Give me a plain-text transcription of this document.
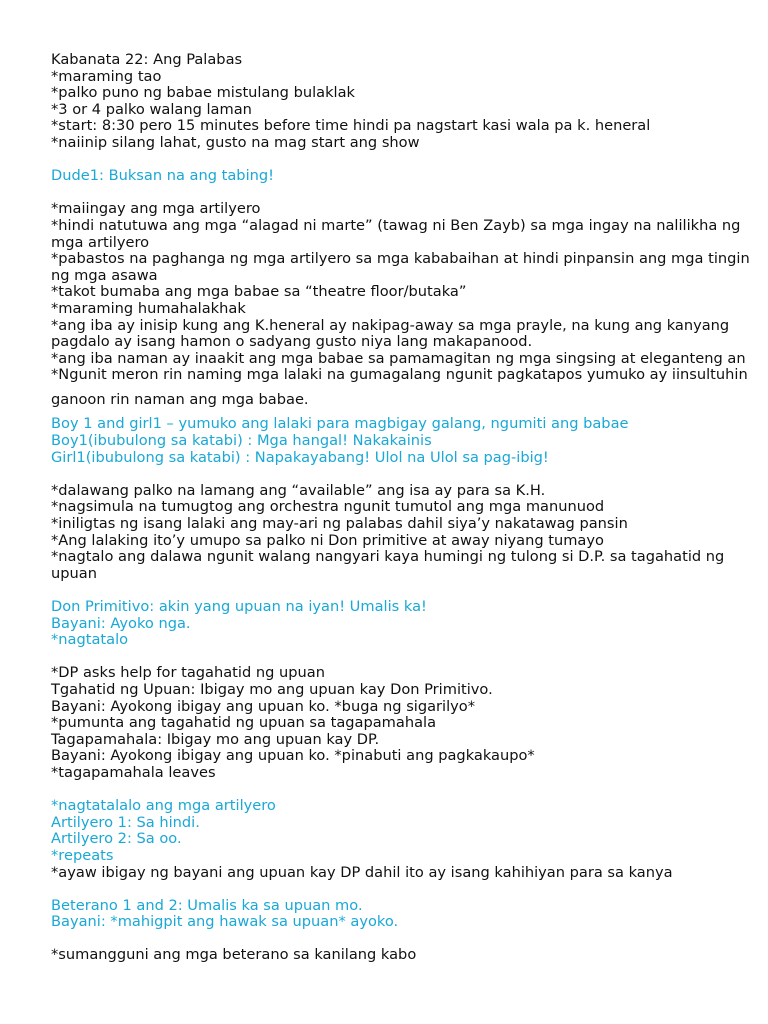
Kabanata 22: Ang Palabas
*maraming tao
*palko puno ng babae mistulang bulaklak
*3 or 4 palko walang laman
*start: 8:30 pero 15 minutes before time hindi pa nagstart kasi wala pa k. heneral
*naiinip silang lahat, gusto na mag start ang show
Dude1: Buksan na ang tabing!
*maiingay ang mga artilyero
*hindi natutuwa ang mga “alagad ni marte” (tawag ni Ben Zayb) sa mga ingay na nalilikha ng
mga artilyero
*pabastos na paghanga ng mga artilyero sa mga kababaihan at hindi pinpansin ang mga tingin
ng mga asawa
*takot bumaba ang mga babae sa “theatre floor/butaka”
*maraming humahalakhak
*ang iba ay inisip kung ang K.heneral ay nakipag-away sa mga prayle, na kung ang kanyang
pagdalo ay isang hamon o sadyang gusto niya lang makapanood.
*ang iba naman ay inaakit ang mga babae sa pamamagitan ng mga singsing at eleganteng an
*Ngunit meron rin naming mga lalaki na gumagalang ngunit pagkatapos yumuko ay iinsultuhin
ganoon rin naman ang mga babae.
Boy 1 and girl1 – yumuko ang lalaki para magbigay galang, ngumiti ang babae
Boy1(ibubulong sa katabi) : Mga hangal! Nakakainis
Girl1(ibubulong sa katabi) : Napakayabang! Ulol na Ulol sa pag-ibig!
*dalawang palko na lamang ang “available” ang isa ay para sa K.H.
*nagsimula na tumugtog ang orchestra ngunit tumutol ang mga manunuod
*iniligtas ng isang lalaki ang may-ari ng palabas dahil siya’y nakatawag pansin
*Ang lalaking ito’y umupo sa palko ni Don primitive at away niyang tumayo
*nagtalo ang dalawa ngunit walang nangyari kaya humingi ng tulong si D.P. sa tagahatid ng
upuan
Don Primitivo: akin yang upuan na iyan! Umalis ka!
Bayani: Ayoko nga.
*nagtatalo
*DP asks help for tagahatid ng upuan
Tgahatid ng Upuan: Ibigay mo ang upuan kay Don Primitivo.
Bayani: Ayokong ibigay ang upuan ko. *buga ng sigarilyo*
*pumunta ang tagahatid ng upuan sa tagapamahala
Tagapamahala: Ibigay mo ang upuan kay DP.
Bayani: Ayokong ibigay ang upuan ko. *pinabuti ang pagkakaupo*
*tagapamahala leaves
*nagtatalalo ang mga artilyero
Artilyero 1: Sa hindi.
Artilyero 2: Sa oo.
*repeats
*ayaw ibigay ng bayani ang upuan kay DP dahil ito ay isang kahihiyan para sa kanya
Beterano 1 and 2: Umalis ka sa upuan mo.
Bayani: *mahigpit ang hawak sa upuan* ayoko.
*sumangguni ang mga beterano sa kanilang kabo
